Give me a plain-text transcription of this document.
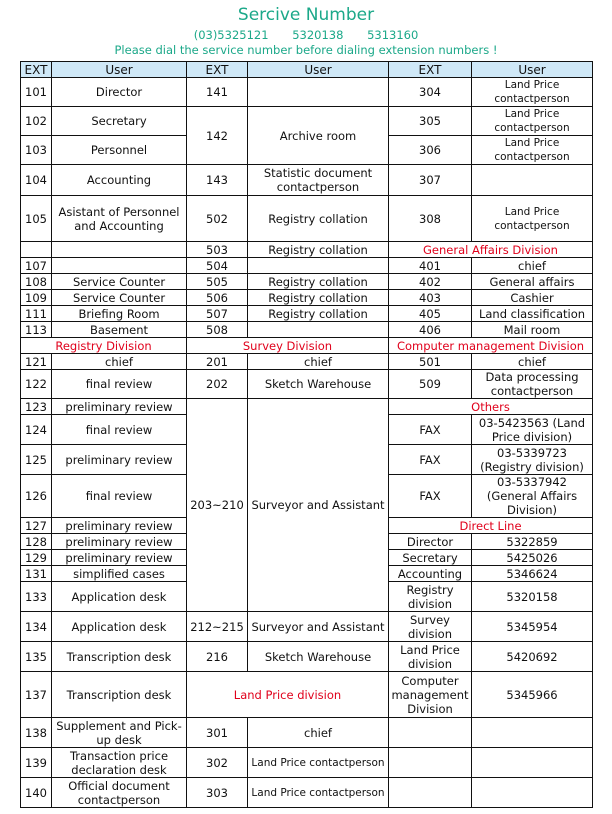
Sercive Number
(03)5325121 5320138 5313160
Please dial the service number before dialing extension numbers !
EXT	User	EXT	User	EXT	User
101	Director	141		304	Land Price contactperson
102	Secretary	142	Archive room	305	Land Price contactperson
103	Personnel			306	Land Price contactperson
104	Accounting	143	Statistic document contactperson	307	
105	Asistant of Personnel and Accounting	502	Registry collation	308	Land Price contactperson
		503	Registry collation	General Affairs Division	
107		504		401	chief
108	Service Counter	505	Registry collation	402	General affairs
109	Service Counter	506	Registry collation	403	Cashier
111	Briefing Room	507	Registry collation	405	Land classification
113	Basement	508		406	Mail room
Registry Division		Survey Division		Computer management Division	
121	chief	201	chief	501	chief
122	final review	202	Sketch Warehouse	509	Data processing contactperson
123	preliminary review	203~210	Surveyor and Assistant	Others	
124	final review			FAX	03-5423563 (Land Price division)
125	preliminary review			FAX	03-5339723 (Registry division)
126	final review			FAX	03-5337942 (General Affairs Division)
127	preliminary review			Direct Line	
128	preliminary review			Director	5322859
129	preliminary review			Secretary	5425026
131	simplified cases			Accounting	5346624
133	Application desk			Registry division	5320158
134	Application desk	212~215	Surveyor and Assistant	Survey division	5345954
135	Transcription desk	216	Sketch Warehouse	Land Price division	5420692
137	Transcription desk	Land Price division		Computer management Division	5345966
138	Supplement and Pick-up desk	301	chief		
139	Transaction price declaration desk	302	Land Price contactperson		
140	Official document contactperson	303	Land Price contactperson		
